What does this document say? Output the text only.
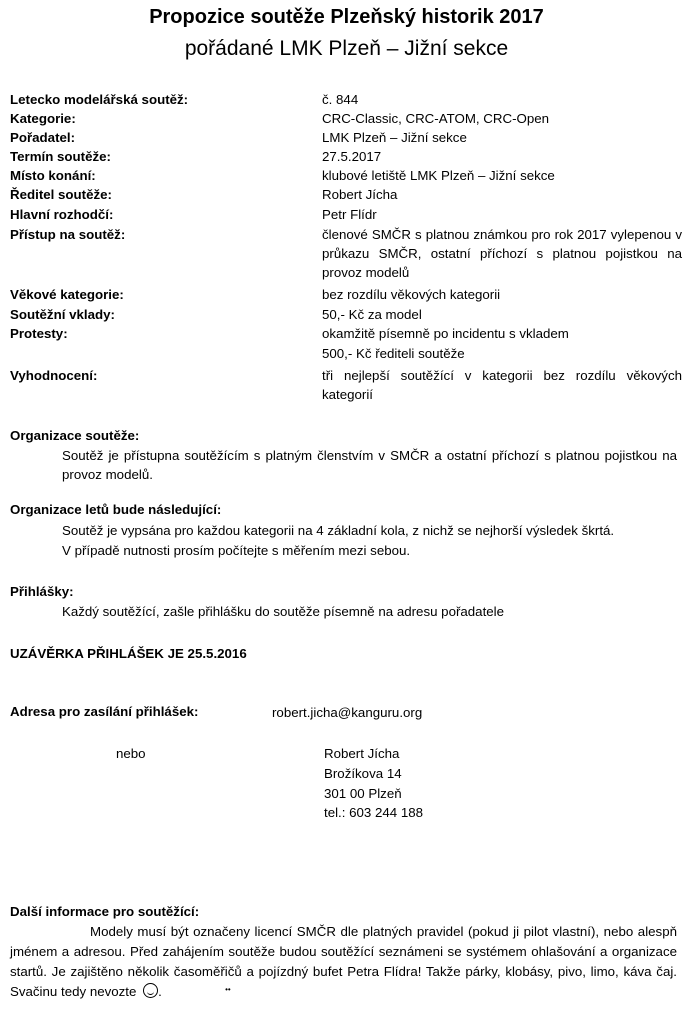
Propozice soutěže Plzeňský historik 2017
pořádané LMK Plzeň – Jižní sekce
Letecko modelářská soutěž:	č. 844
Kategorie:	CRC-Classic, CRC-ATOM, CRC-Open
Pořadatel:	LMK Plzeň – Jižní sekce
Termín soutěže:	27.5.2017
Místo konání:	klubové letiště LMK Plzeň – Jižní sekce
Ředitel soutěže:	Robert Jícha
Hlavní rozhodčí:	Petr Flídr
Přístup na soutěž:	členové SMČR s platnou známkou pro rok 2017 vylepenou v průkazu SMČR, ostatní příchozí s platnou pojistkou na provoz modelů
Věkové kategorie:	bez rozdílu věkových kategorii
Soutěžní vklady:	50,- Kč za model
Protesty:	okamžitě písemně po incidentu s vkladem
500,- Kč řediteli soutěže
Vyhodnocení:	tři nejlepší soutěžící v kategorii bez rozdílu věkových kategorií
Organizace soutěže:
Soutěž je přístupna soutěžícím s platným členstvím v SMČR a ostatní příchozí s platnou pojistkou na provoz modelů.
Organizace letů bude následující:
Soutěž je vypsána pro každou kategorii na 4 základní kola, z nichž se nejhorší výsledek škrtá.
V případě nutnosti prosím počítejte s měřením mezi sebou.
Přihlášky:
Každý soutěžící, zašle přihlášku do soutěže písemně na adresu pořadatele
UZÁVĚRKA PŘIHLÁŠEK JE 25.5.2016
Adresa pro zasílání přihlášek:	robert.jicha@kanguru.org
nebo	Robert Jícha
Brožíkova 14
301 00 Plzeň
tel.: 603 244 188
Další informace pro soutěžící:
Modely musí být označeny licencí SMČR dle platných pravidel (pokud ji pilot vlastní), nebo alespň jménem a adresou. Před zahájením soutěže budou soutěžící seznámeni se systémem ohlašování a organizace startů. Je zajištěno několik časoměřičů a pojízdný bufet Petra Flídra! Takže párky, klobásy, pivo, limo, káva čaj. Svačinu tedy nevozte •• .
